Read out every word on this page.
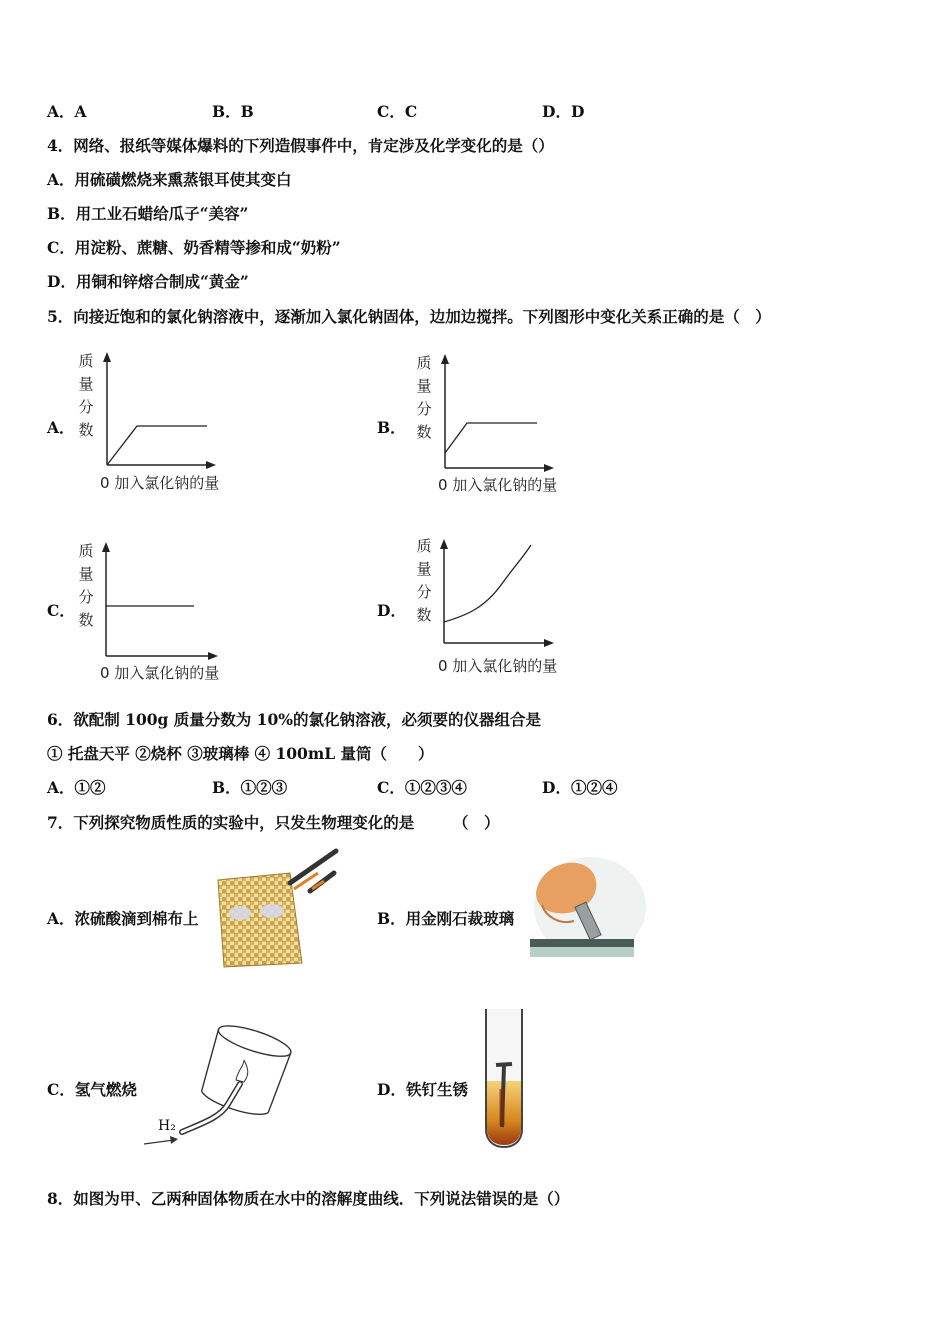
A．A	B．B	C．C	D．D
4．网络、报纸等媒体爆料的下列造假事件中，肯定涉及化学变化的是（）
A．用硫磺燃烧来熏蒸银耳使其变白
B．用工业石蜡给瓜子“美容”
C．用淀粉、蔗糖、奶香精等掺和成“奶粉”
D．用铜和锌熔合制成“黄金”
5．向接近饱和的氯化钠溶液中，逐渐加入氯化钠固体，边加边搅拌。下列图形中变化关系正确的是（　）
A．
质
量
分
数
0 加入氯化钠的量
B．
质
量
分
数
0 加入氯化钠的量
C．
质
量
分
数
0 加入氯化钠的量
D．
质
量
分
数
0 加入氯化钠的量
6．欲配制 100g 质量分数为 10%的氯化钠溶液，必须要的仪器组合是
① 托盘天平 ②烧杯 ③玻璃棒 ④ 100mL 量筒（　　）
A．①②	B．①②③	C．①②③④	D．①②④
7．下列探究物质性质的实验中，只发生物理变化的是　　　（　）
A．浓硫酸滴到棉布上	B．用金刚石裁玻璃
C．氢气燃烧
H₂
D．铁钉生锈
8．如图为甲、乙两种固体物质在水中的溶解度曲线．下列说法错误的是（）
